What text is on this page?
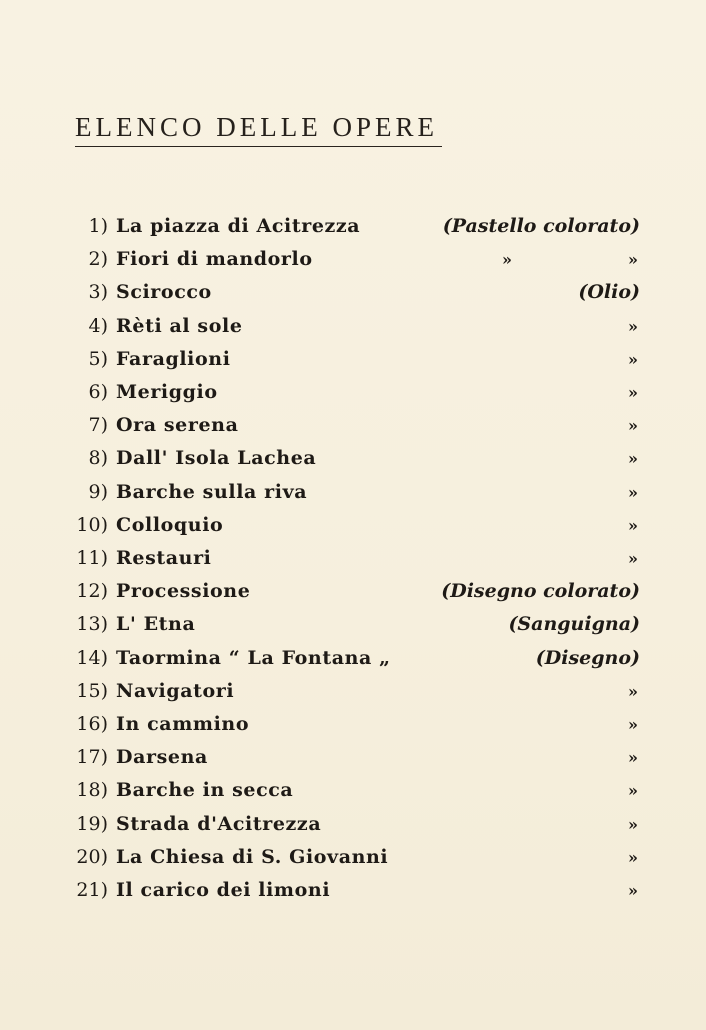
ELENCO DELLE OPERE
1) La piazza di Acitrezza	(Pastello colorato)
2) Fiori di mandorlo	»	»
3) Scirocco	(Olio)
4) Rèti al sole	»
5) Faraglioni	»
6) Meriggio	»
7) Ora serena	»
8) Dall' Isola Lachea	»
9) Barche sulla riva	»
10) Colloquio	»
11) Restauri	»
12) Processione	(Disegno colorato)
13) L' Etna	(Sanguigna)
14) Taormina “ La Fontana „	(Disegno)
15) Navigatori	»
16) In cammino	»
17) Darsena	»
18) Barche in secca	»
19) Strada d'Acitrezza	»
20) La Chiesa di S. Giovanni	»
21) Il carico dei limoni	»
